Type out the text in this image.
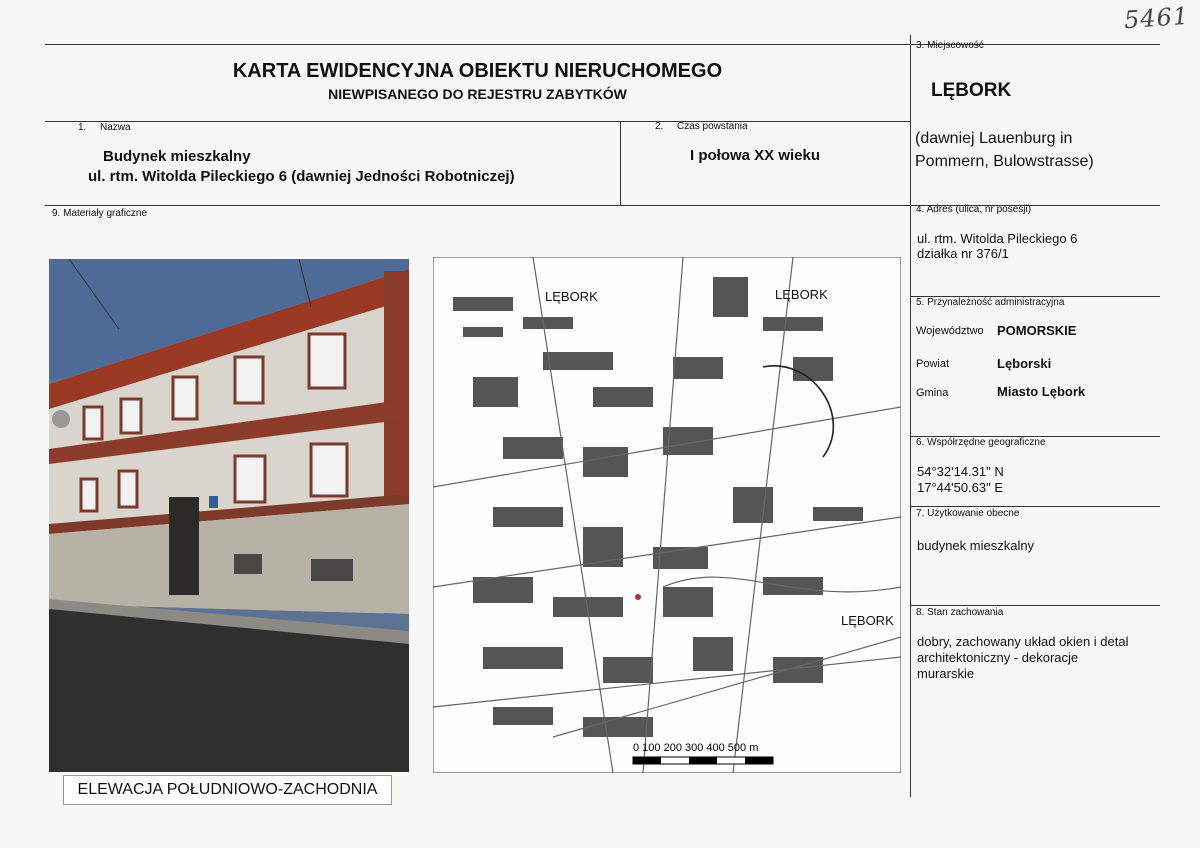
5461
KARTA EWIDENCYJNA OBIEKTU NIERUCHOMEGO
NIEWPISANEGO DO REJESTRU ZABYTKÓW
1. Nazwa
Budynek mieszkalny
ul. rtm. Witolda Pileckiego 6 (dawniej Jedności Robotniczej)
2. Czas powstania
I połowa XX wieku
3. Miejscowość
LĘBORK
(dawniej Lauenburg in
Pommern, Bulowstrasse)
4. Adres (ulica, nr posesji)
ul. rtm. Witolda Pileckiego 6
działka nr 376/1
5. Przynależność administracyjna
Województwo POMORSKIE
Powiat	Lęborski
Gmina	Miasto Lębork
6. Współrzędne geograficzne
54°32'14.31" N
17°44'50.63" E
7. Użytkowanie obecne
budynek mieszkalny
8. Stan zachowania
dobry, zachowany układ okien i detal
architektoniczny - dekoracje
murarskie
9. Materiały graficzne
ELEWACJA POŁUDNIOWO-ZACHODNIA
LĘBORK	LĘBORK
LĘBORK
0 100 200 300 400 500 m
